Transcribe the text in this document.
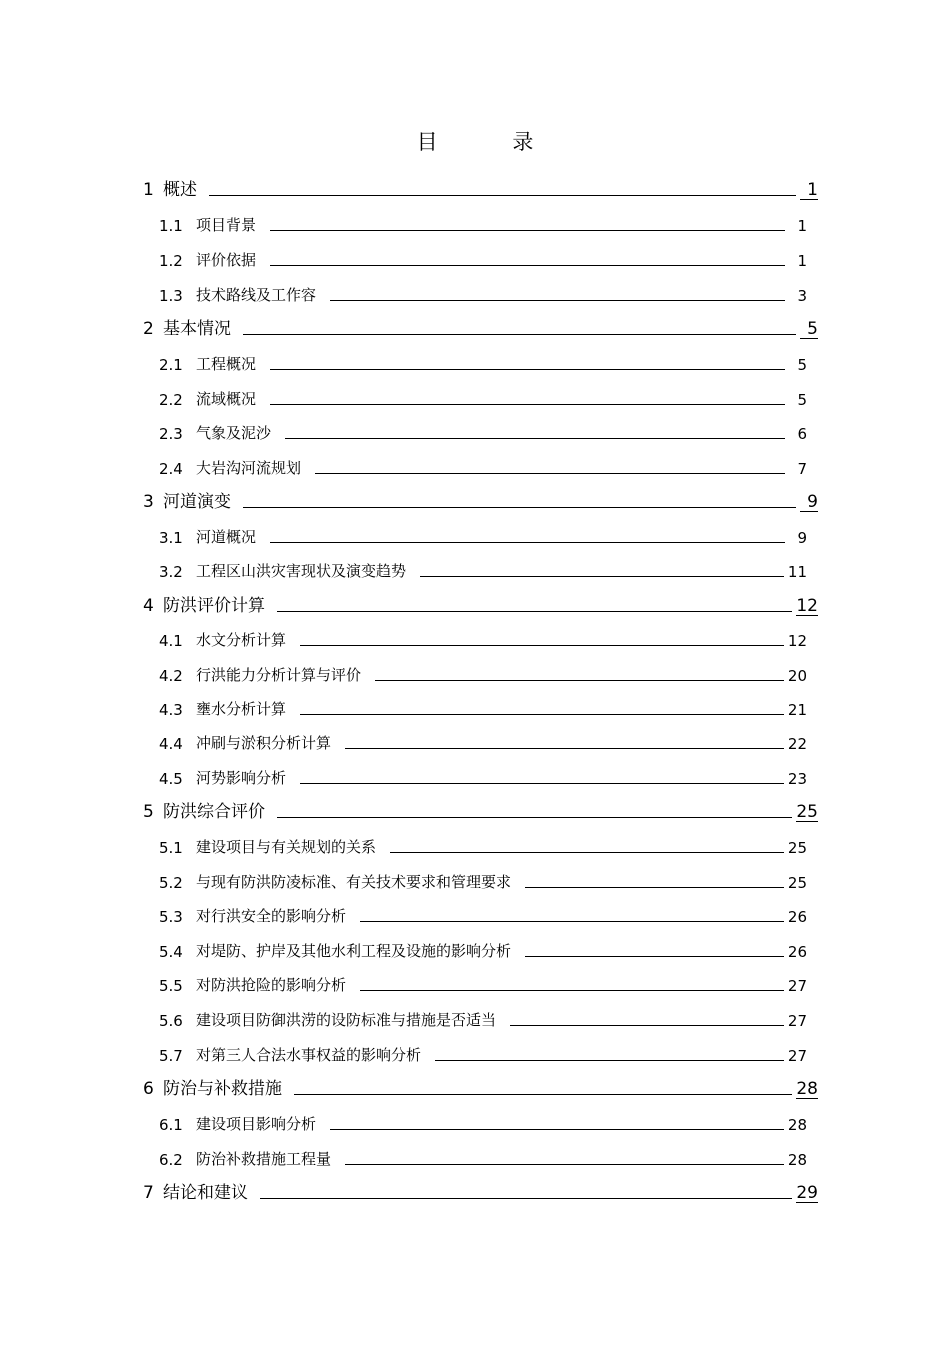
目 录
1 概述	1
1.1 项目背景	1
1.2 评价依据	1
1.3 技术路线及工作容	3
2 基本情况	5
2.1 工程概况	5
2.2 流域概况	5
2.3 气象及泥沙	6
2.4 大岩沟河流规划	7
3 河道演变	9
3.1 河道概况	9
3.2 工程区山洪灾害现状及演变趋势	11
4 防洪评价计算	12
4.1 水文分析计算	12
4.2 行洪能力分析计算与评价	20
4.3 壅水分析计算	21
4.4 冲刷与淤积分析计算	22
4.5 河势影响分析	23
5 防洪综合评价	25
5.1 建设项目与有关规划的关系	25
5.2 与现有防洪防凌标准、有关技术要求和管理要求	25
5.3 对行洪安全的影响分析	26
5.4 对堤防、护岸及其他水利工程及设施的影响分析	26
5.5 对防洪抢险的影响分析	27
5.6 建设项目防御洪涝的设防标准与措施是否适当	27
5.7 对第三人合法水事权益的影响分析	27
6 防治与补救措施	28
6.1 建设项目影响分析	28
6.2 防治补救措施工程量	28
7 结论和建议	29
